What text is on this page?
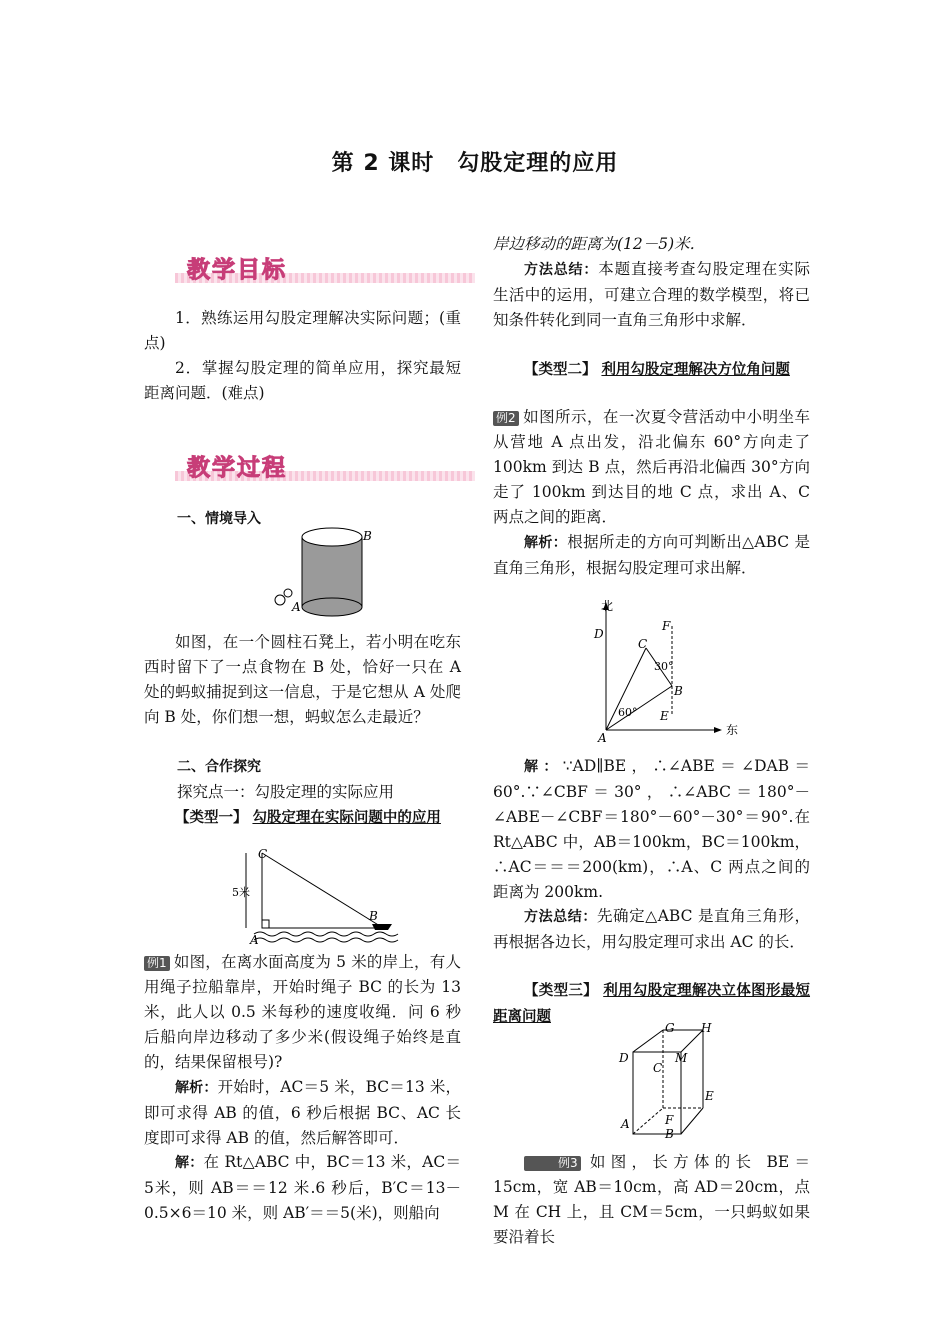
第 2 课时　勾股定理的应用
教学目标

1．熟练运用勾股定理解决实际问题；(重点)

2．掌握勾股定理的简单应用，探究最短距离问题．(难点)

教学过程

一、情境导入

B
A

如图，在一个圆柱石凳上，若小明在吃东西时留下了一点食物在 B 处，恰好一只在 A 处的蚂蚁捕捉到这一信息，于是它想从 A 处爬向 B 处，你们想一想，蚂蚁怎么走最近？

二、合作探究

探究点一：勾股定理的实际应用

【类型一】 勾股定理在实际问题中的应用

C
5米
B
A

例1 如图，在离水面高度为 5 米的岸上，有人用绳子拉船靠岸，开始时绳子 BC 的长为 13 米，此人以 0.5 米每秒的速度收绳．问 6 秒后船向岸边移动了多少米(假设绳子始终是直的，结果保留根号)?

解析：开始时，AC＝5 米，BC＝13 米，即可求得 AB 的值，6 秒后根据 BC、AC 长度即可求得 AB 的值，然后解答即可．

解：在 Rt△ABC 中，BC＝13 米，AC＝5米，则 AB＝＝12 米.6 秒后，B′C＝13－0.5×6＝10 米，则 AB′＝＝5(米)，则船向

岸边移动的距离为(12－5)米．

方法总结：本题直接考查勾股定理在实际生活中的运用，可建立合理的数学模型，将已知条件转化到同一直角三角形中求解．

【类型二】 利用勾股定理解决方位角问题

例2 如图所示，在一次夏令营活动中小明坐车从营地 A 点出发，沿北偏东 60°方向走了 100km 到达 B 点，然后再沿北偏西 30°方向走了 100km 到达目的地 C 点，求出 A、C 两点之间的距离．

解析：根据所走的方向可判断出△ABC 是直角三角形，根据勾股定理可求出解．

北
东
D
C
F
B
E
A
30°
60°

解：∵AD∥BE，∴∠ABE＝∠DAB＝60°.∵∠CBF＝30°，∴∠ABC＝180°－∠ABE－∠CBF＝180°－60°－30°＝90°.在 Rt△ABC 中，AB＝100km，BC＝100km，∴AC＝＝＝200(km)，∴A、C 两点之间的距离为 200km.

方法总结：先确定△ABC 是直角三角形，再根据各边长，用勾股定理可求出 AC 的长．

【类型三】 利用勾股定理解决立体图形最短距离问题

G H
D	M
C
E
A	F
B

例3 如图，长方体的长 BE＝15cm，宽 AB＝10cm，高 AD＝20cm，点 M 在 CH 上，且 CM＝5cm，一只蚂蚁如果要沿着长
